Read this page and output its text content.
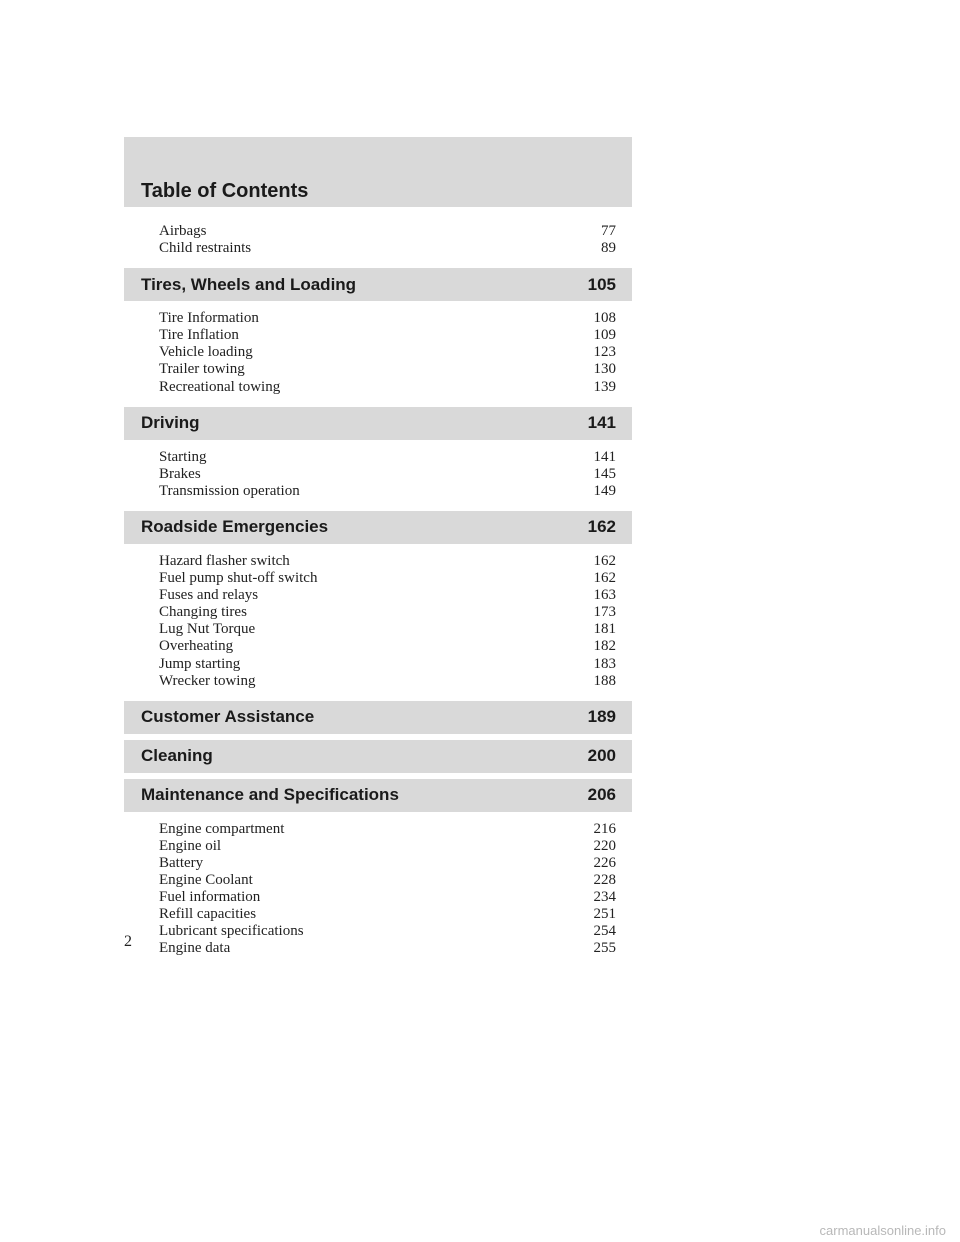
Table of Contents
Airbags	77
Child restraints	89
Tires, Wheels and Loading	105
Tire Information	108
Tire Inflation	109
Vehicle loading	123
Trailer towing	130
Recreational towing	139
Driving	141
Starting	141
Brakes	145
Transmission operation	149
Roadside Emergencies	162
Hazard flasher switch	162
Fuel pump shut-off switch	162
Fuses and relays	163
Changing tires	173
Lug Nut Torque	181
Overheating	182
Jump starting	183
Wrecker towing	188
Customer Assistance	189
Cleaning	200
Maintenance and Specifications	206
Engine compartment	216
Engine oil	220
Battery	226
Engine Coolant	228
Fuel information	234
Refill capacities	251
Lubricant specifications	254
Engine data	255
2
carmanualsonline.info
